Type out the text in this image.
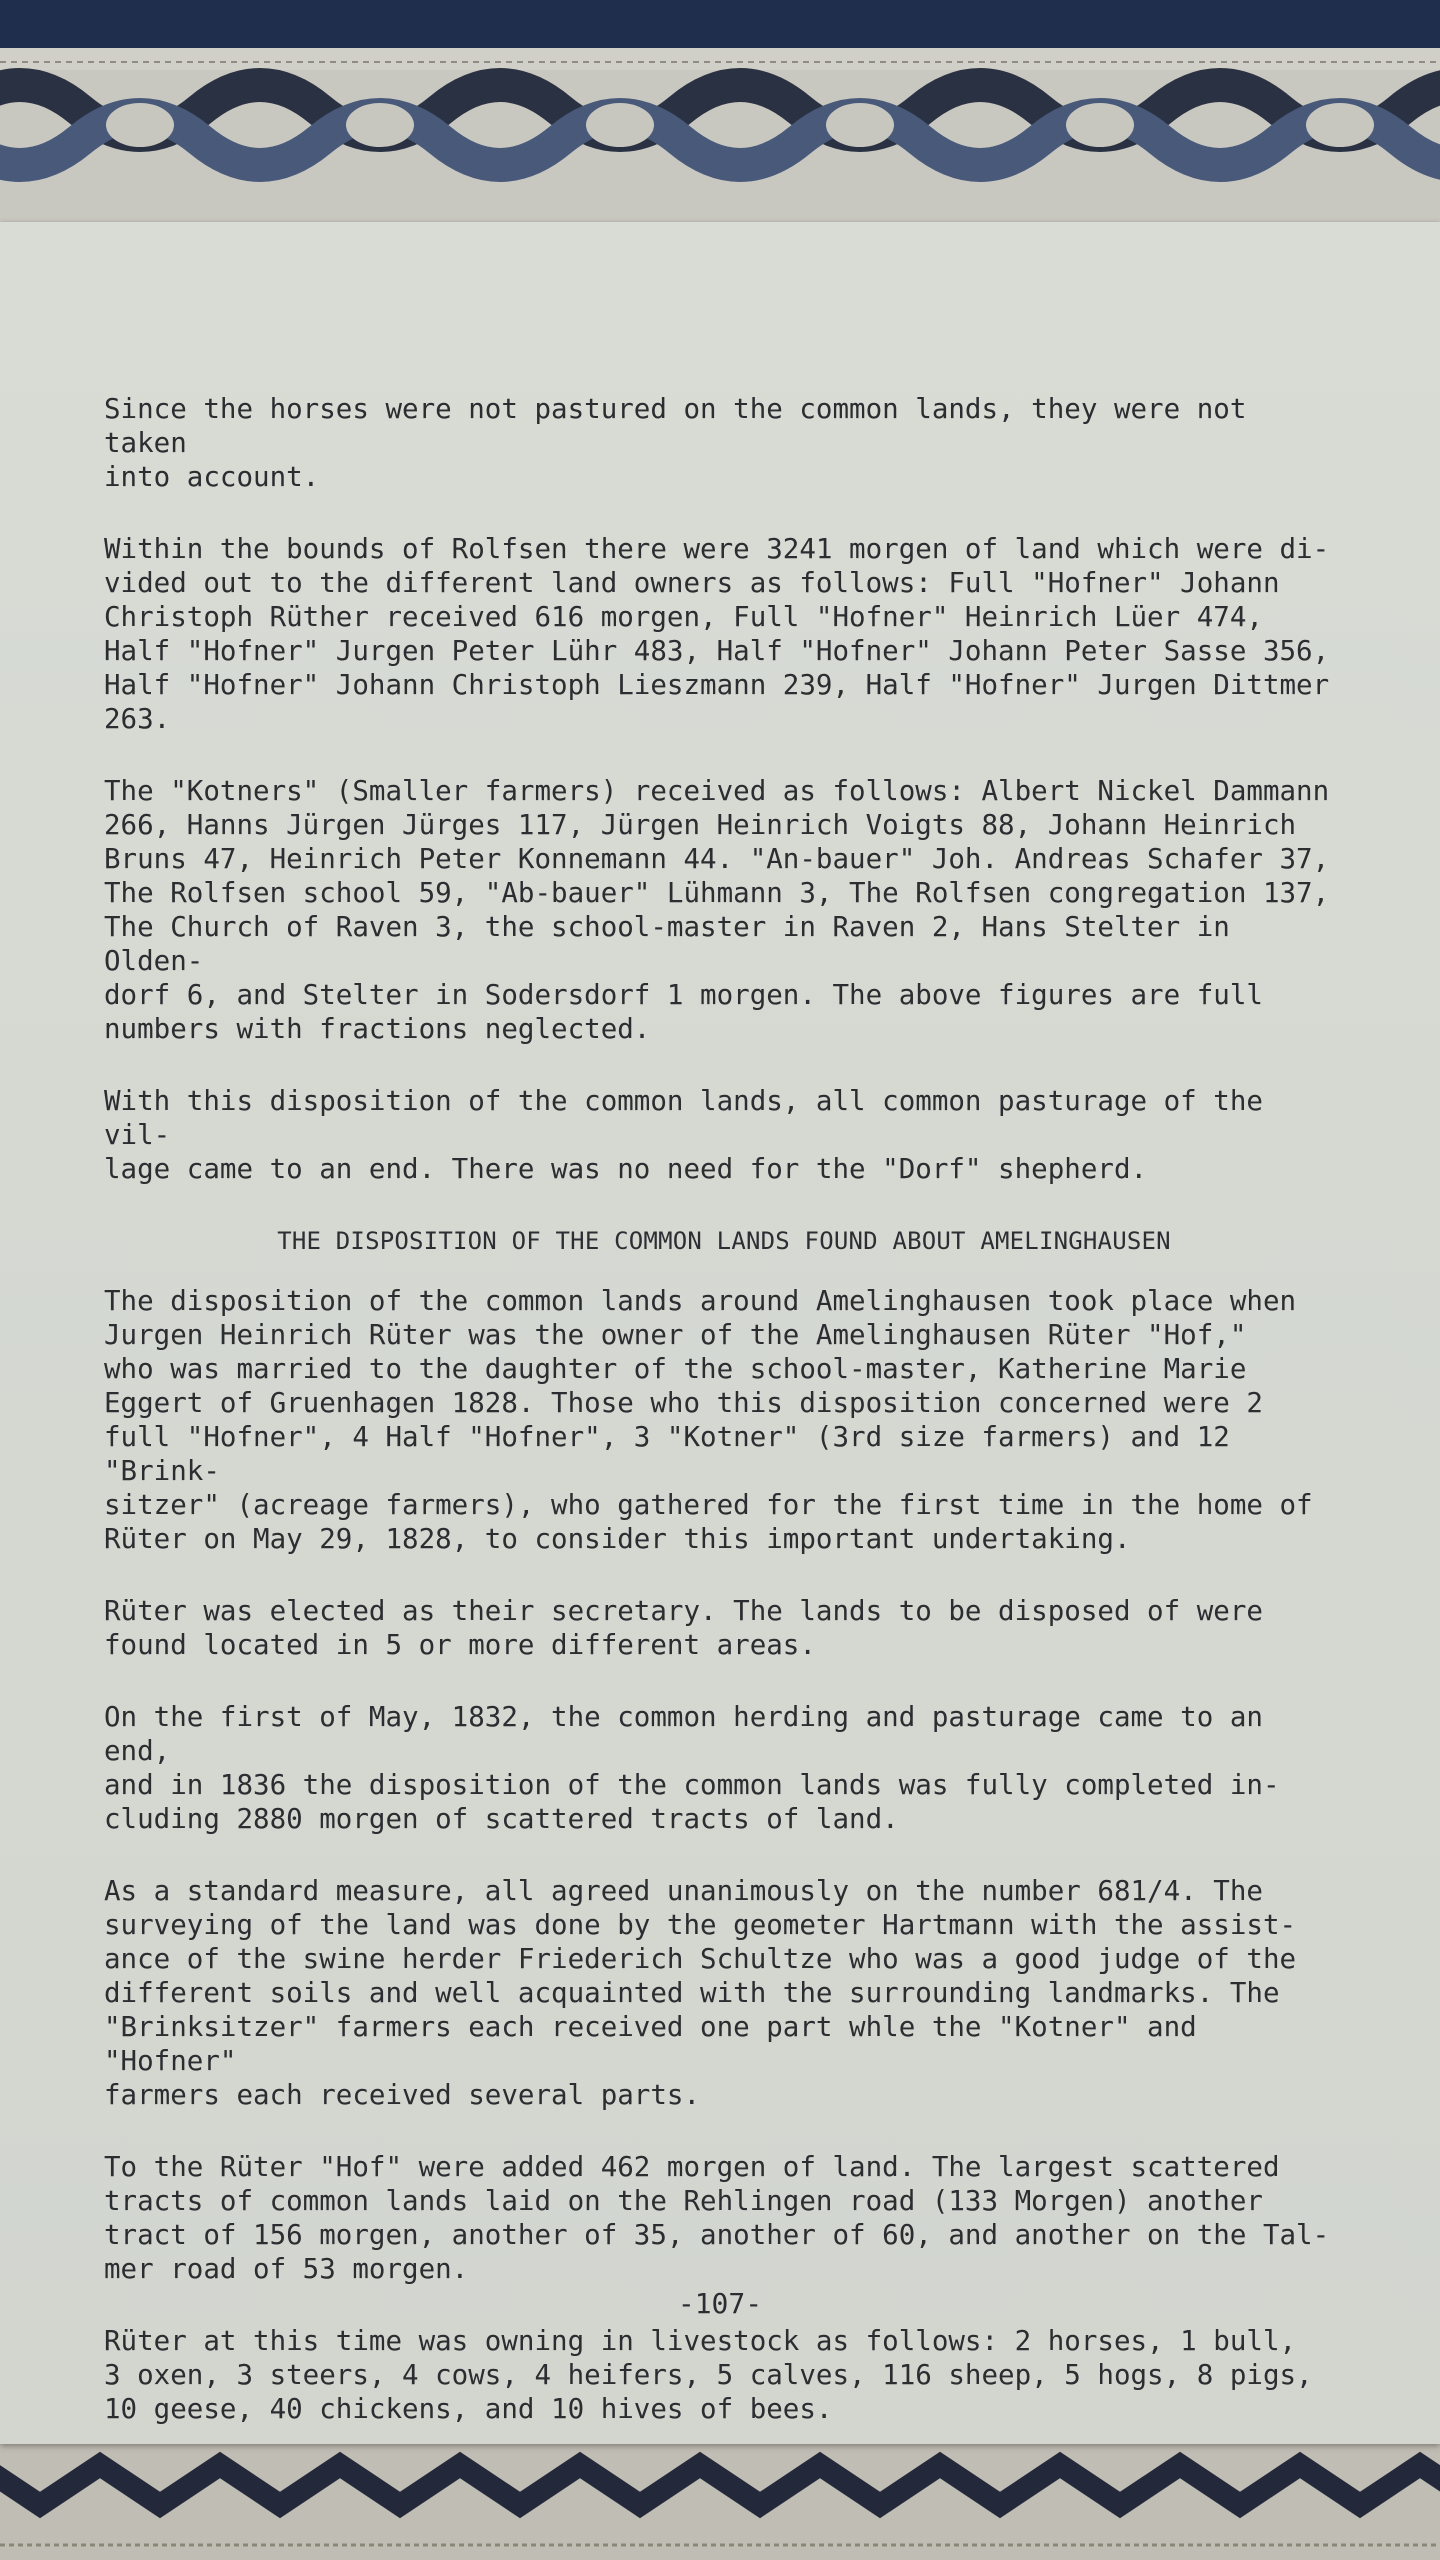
Since the horses were not pastured on the common lands, they were not taken
into account.

Within the bounds of Rolfsen there were 3241 morgen of land which were di-
vided out to the different land owners as follows: Full "Hofner" Johann
Christoph Rüther received 616 morgen, Full "Hofner" Heinrich Lüer 474,
Half "Hofner" Jurgen Peter Lühr 483, Half "Hofner" Johann Peter Sasse 356,
Half "Hofner" Johann Christoph Lieszmann 239, Half "Hofner" Jurgen Dittmer
263.

The "Kotners" (Smaller farmers) received as follows: Albert Nickel Dammann
266, Hanns Jürgen Jürges 117, Jürgen Heinrich Voigts 88, Johann Heinrich
Bruns 47, Heinrich Peter Konnemann 44. "An-bauer" Joh. Andreas Schafer 37,
The Rolfsen school 59, "Ab-bauer" Lühmann 3, The Rolfsen congregation 137,
The Church of Raven 3, the school-master in Raven 2, Hans Stelter in Olden-
dorf 6, and Stelter in Sodersdorf 1 morgen. The above figures are full
numbers with fractions neglected.

With this disposition of the common lands, all common pasturage of the vil-
lage came to an end. There was no need for the "Dorf" shepherd.

THE DISPOSITION OF THE COMMON LANDS FOUND ABOUT AMELINGHAUSEN

The disposition of the common lands around Amelinghausen took place when
Jurgen Heinrich Rüter was the owner of the Amelinghausen Rüter "Hof,"
who was married to the daughter of the school-master, Katherine Marie
Eggert of Gruenhagen 1828. Those who this disposition concerned were 2
full "Hofner", 4 Half "Hofner", 3 "Kotner" (3rd size farmers) and 12 "Brink-
sitzer" (acreage farmers), who gathered for the first time in the home of
Rüter on May 29, 1828, to consider this important undertaking.

Rüter was elected as their secretary. The lands to be disposed of were
found located in 5 or more different areas.

On the first of May, 1832, the common herding and pasturage came to an end,
and in 1836 the disposition of the common lands was fully completed in-
cluding 2880 morgen of scattered tracts of land.

As a standard measure, all agreed unanimously on the number 681/4. The
surveying of the land was done by the geometer Hartmann with the assist-
ance of the swine herder Friederich Schultze who was a good judge of the
different soils and well acquainted with the surrounding landmarks. The
"Brinksitzer" farmers each received one part whle the "Kotner" and "Hofner"
farmers each received several parts.

To the Rüter "Hof" were added 462 morgen of land. The largest scattered
tracts of common lands laid on the Rehlingen road (133 Morgen) another
tract of 156 morgen, another of 35, another of 60, and another on the Tal-
mer road of 53 morgen.

Rüter at this time was owning in livestock as follows: 2 horses, 1 bull,
3 oxen, 3 steers, 4 cows, 4 heifers, 5 calves, 116 sheep, 5 hogs, 8 pigs,
10 geese, 40 chickens, and 10 hives of bees.

-107-
